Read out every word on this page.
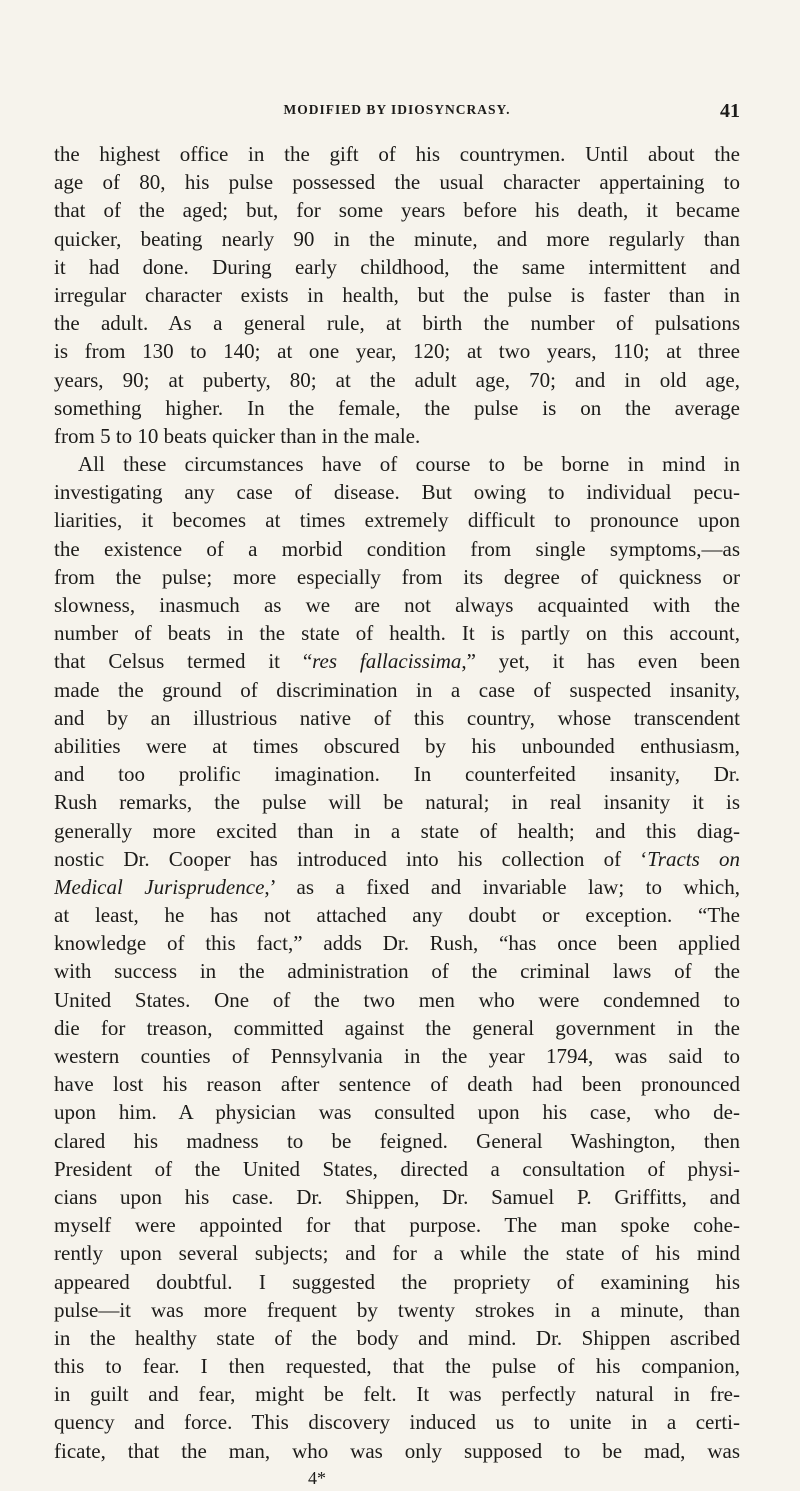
MODIFIED BY IDIOSYNCRASY.	41
the highest office in the gift of his countrymen. Until about the
age of 80, his pulse possessed the usual character appertaining to
that of the aged; but, for some years before his death, it became
quicker, beating nearly 90 in the minute, and more regularly than
it had done. During early childhood, the same intermittent and
irregular character exists in health, but the pulse is faster than in
the adult. As a general rule, at birth the number of pulsations
is from 130 to 140; at one year, 120; at two years, 110; at three
years, 90; at puberty, 80; at the adult age, 70; and in old age,
something higher. In the female, the pulse is on the average
from 5 to 10 beats quicker than in the male.
All these circumstances have of course to be borne in mind in
investigating any case of disease. But owing to individual pecu-
liarities, it becomes at times extremely difficult to pronounce upon
the existence of a morbid condition from single symptoms,—as
from the pulse; more especially from its degree of quickness or
slowness, inasmuch as we are not always acquainted with the
number of beats in the state of health. It is partly on this account,
that Celsus termed it “res fallacissima,” yet, it has even been
made the ground of discrimination in a case of suspected insanity,
and by an illustrious native of this country, whose transcendent
abilities were at times obscured by his unbounded enthusiasm,
and too prolific imagination. In counterfeited insanity, Dr.
Rush remarks, the pulse will be natural; in real insanity it is
generally more excited than in a state of health; and this diag-
nostic Dr. Cooper has introduced into his collection of ‘Tracts on
Medical Jurisprudence,’ as a fixed and invariable law; to which,
at least, he has not attached any doubt or exception. “The
knowledge of this fact,” adds Dr. Rush, “has once been applied
with success in the administration of the criminal laws of the
United States. One of the two men who were condemned to
die for treason, committed against the general government in the
western counties of Pennsylvania in the year 1794, was said to
have lost his reason after sentence of death had been pronounced
upon him. A physician was consulted upon his case, who de-
clared his madness to be feigned. General Washington, then
President of the United States, directed a consultation of physi-
cians upon his case. Dr. Shippen, Dr. Samuel P. Griffitts, and
myself were appointed for that purpose. The man spoke cohe-
rently upon several subjects; and for a while the state of his mind
appeared doubtful. I suggested the propriety of examining his
pulse—it was more frequent by twenty strokes in a minute, than
in the healthy state of the body and mind. Dr. Shippen ascribed
this to fear. I then requested, that the pulse of his companion,
in guilt and fear, might be felt. It was perfectly natural in fre-
quency and force. This discovery induced us to unite in a certi-
ficate, that the man, who was only supposed to be mad, was
4*
